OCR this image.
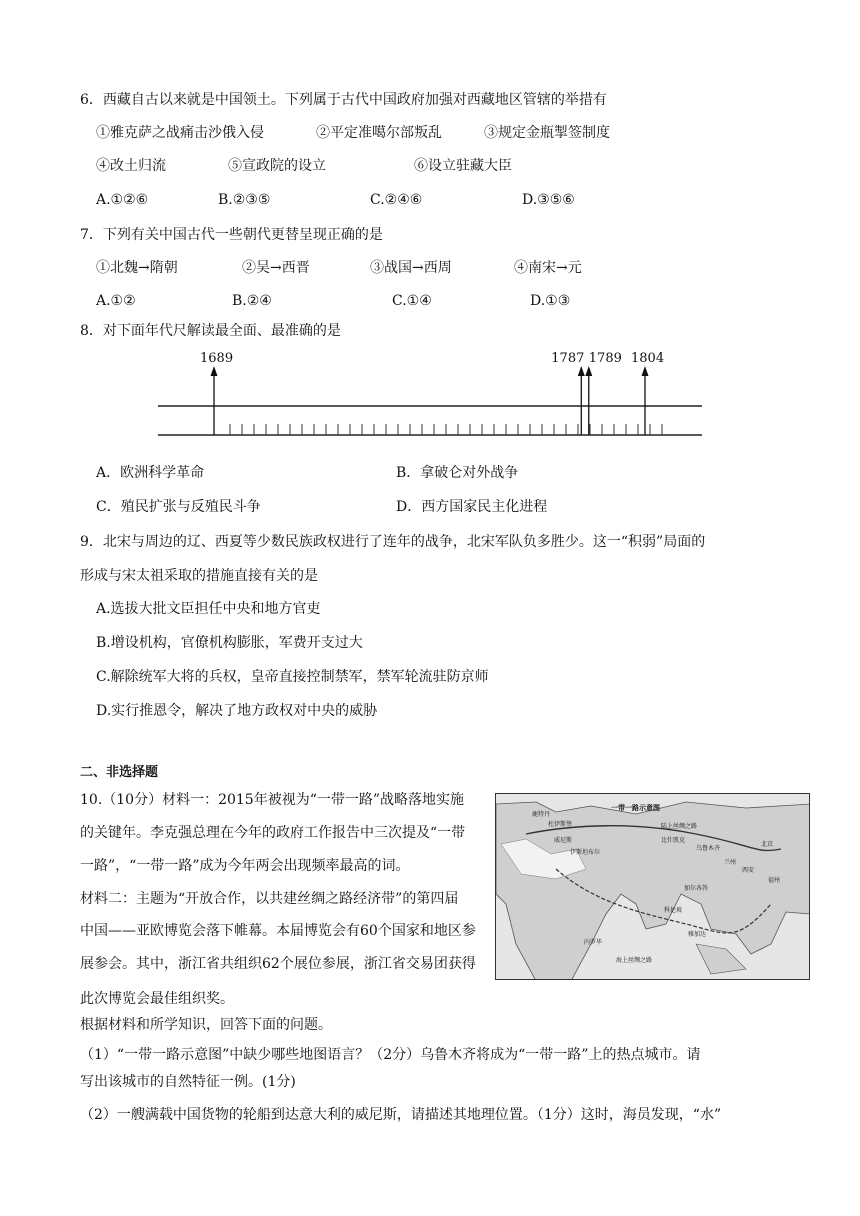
6．西藏自古以来就是中国领土。下列属于古代中国政府加强对西藏地区管辖的举措有
①雅克萨之战痛击沙俄入侵	②平定准噶尔部叛乱	③规定金瓶掣签制度
④改土归流	⑤宣政院的设立	⑥设立驻藏大臣
A.①②⑥	B.②③⑤	C.②④⑥	D.③⑤⑥
7．下列有关中国古代一些朝代更替呈现正确的是
①北魏→隋朝	②吴→西晋	③战国→西周	④南宋→元
A.①②	B.②④	C.①④	D.①③
8．对下面年代尺解读最全面、最准确的是
1689	1787 1789 1804
A．欧洲科学革命	B．拿破仑对外战争
C．殖民扩张与反殖民斗争	D．西方国家民主化进程
9．北宋与周边的辽、西夏等少数民族政权进行了连年的战争，北宋军队负多胜少。这一“积弱”局面的
形成与宋太祖采取的措施直接有关的是
A.选拔大批文臣担任中央和地方官吏
B.增设机构，官僚机构膨胀，军费开支过大
C.解除统军大将的兵权，皇帝直接控制禁军，禁军轮流驻防京师
D.实行推恩令，解决了地方政权对中央的威胁
二、非选择题
10.（10分）材料一：2015年被视为“一带一路”战略落地实施
的关键年。李克强总理在今年的政府工作报告中三次提及“一带
一路”，“一带一路”成为今年两会出现频率最高的词。
材料二：主题为“开放合作，以共建丝绸之路经济带”的第四届
中国——亚欧博览会落下帷幕。本届博览会有60个国家和地区参
展参会。其中，浙江省共组织62个展位参展，浙江省交易团获得
此次博览会最佳组织奖。
根据材料和所学知识，回答下面的问题。
（1）“一带一路示意图”中缺少哪些地图语言？（2分）乌鲁木齐将成为“一带一路”上的热点城市。请
写出该城市的自然特征一例。(1分)
（2）一艘满载中国货物的轮船到达意大利的威尼斯，请描述其地理位置。（1分）这时，海员发现，“水”
一带一路示意图
鹿特丹
杜伊斯堡
威尼斯
伊斯坦布尔
陆上丝绸之路
比什凯克
乌鲁木齐
北京
兰州
西安
福州
加尔各答
科伦坡
内罗毕
雅加达
海上丝绸之路
